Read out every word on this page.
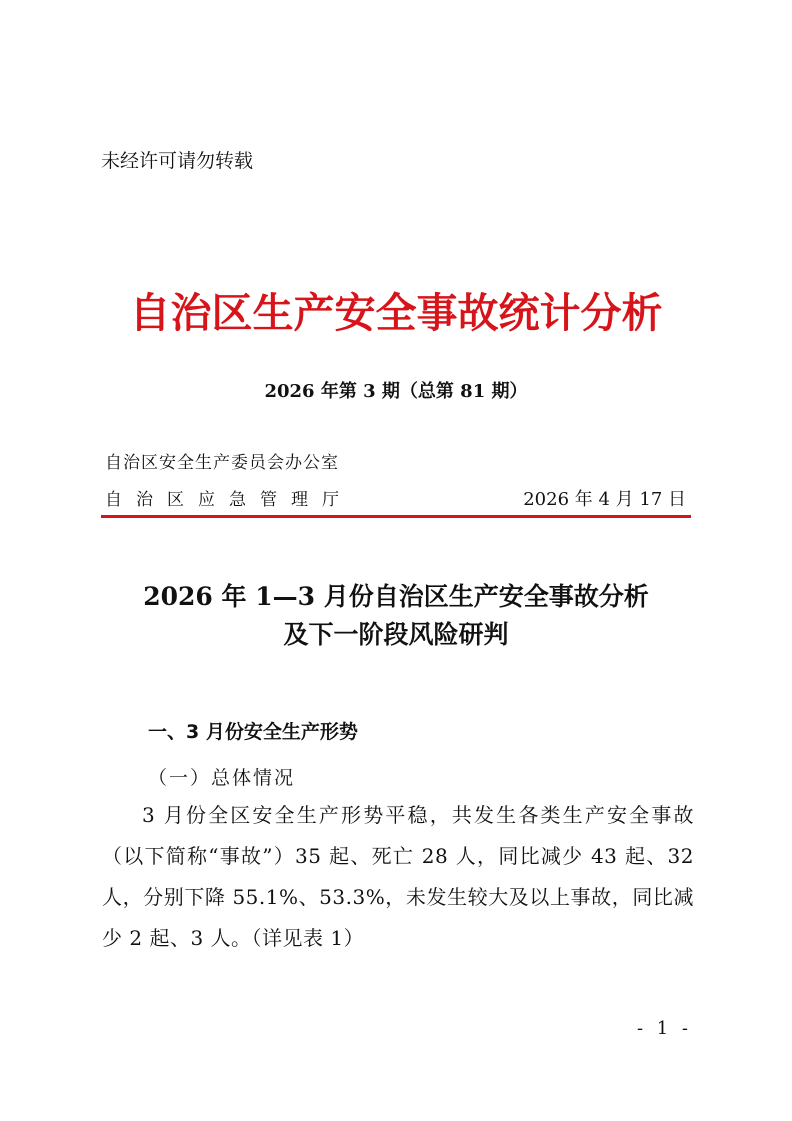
未经许可请勿转载
自治区生产安全事故统计分析
2026 年第 3 期（总第 81 期）
自治区安全生产委员会办公室
自治区应急管理厅	2026 年 4 月 17 日
2026 年 1—3 月份自治区生产安全事故分析
及下一阶段风险研判
一、3 月份安全生产形势
（一）总体情况

3 月份全区安全生产形势平稳，共发生各类生产安全事故（以下简称“事故”）35 起、死亡 28 人，同比减少 43 起、32 人，分别下降 55.1%、53.3%，未发生较大及以上事故，同比减少 2 起、3 人。（详见表 1）

- 1 -
